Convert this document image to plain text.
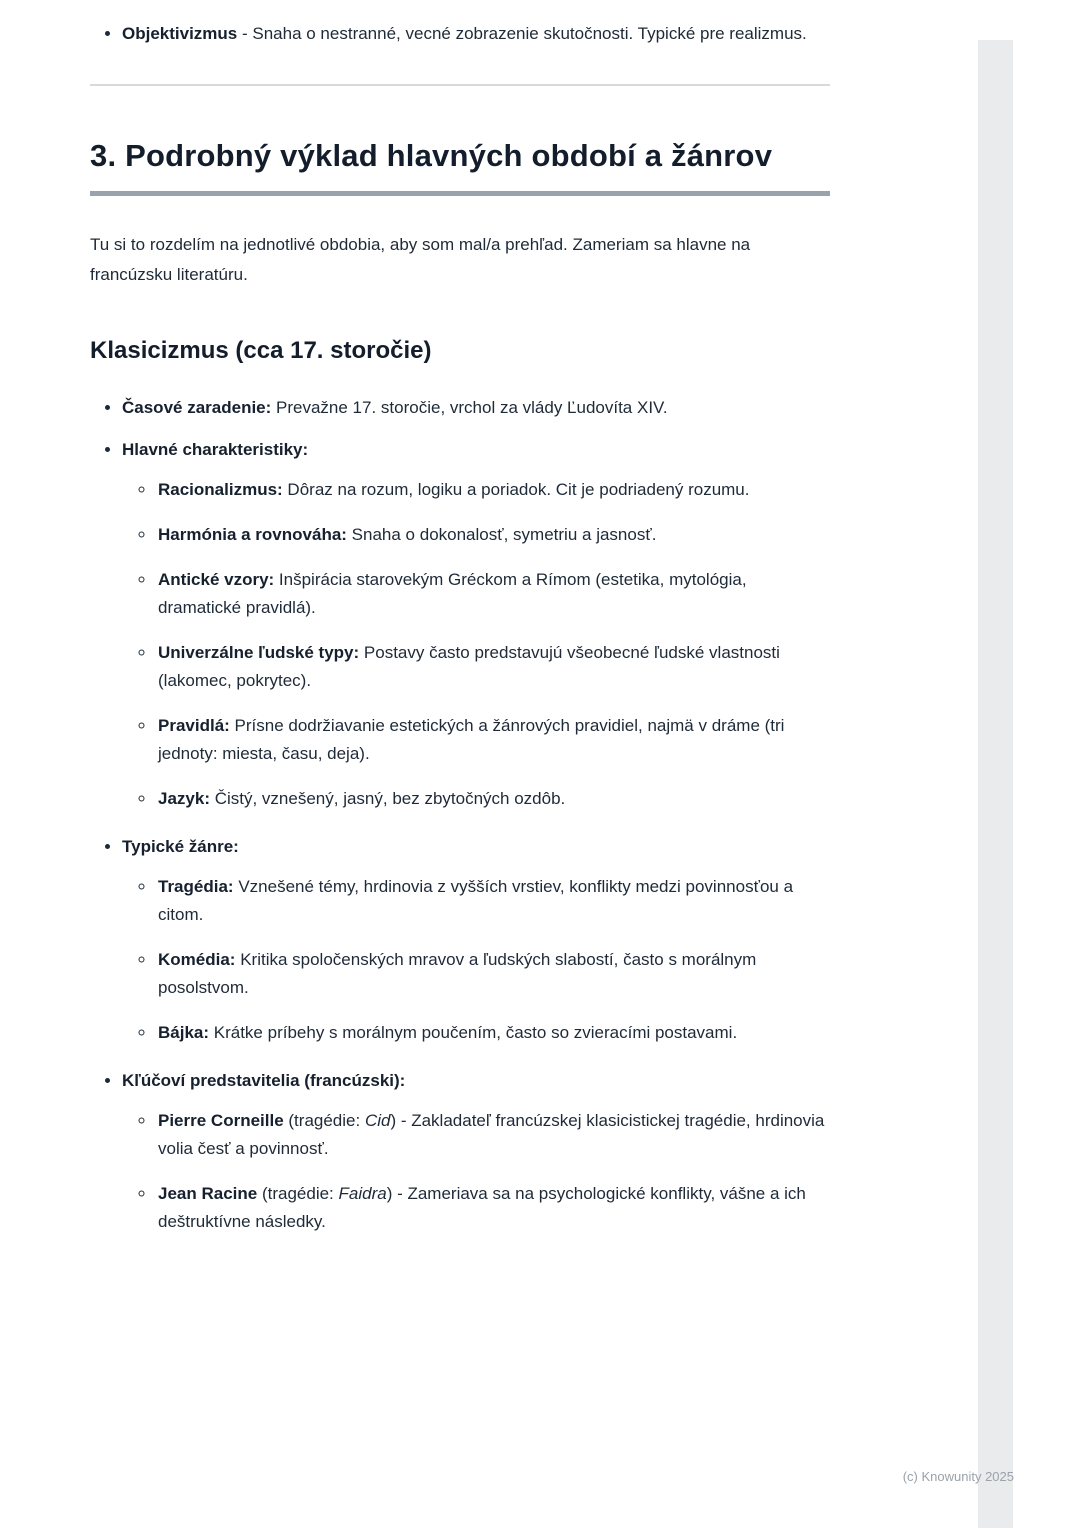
• Objektivizmus - Snaha o nestranné, vecné zobrazenie skutočnosti. Typické pre realizmus.
3. Podrobný výklad hlavných období a žánrov

Tu si to rozdelím na jednotlivé obdobia, aby som mal/a prehľad. Zameriam sa hlavne na francúzsku literatúru.

Klasicizmus (cca 17. storočie)
• Časové zaradenie: Prevažne 17. storočie, vrchol za vlády Ľudovíta XIV.
• Hlavné charakteristiky:
◦ Racionalizmus: Dôraz na rozum, logiku a poriadok. Cit je podriadený rozumu.
◦ Harmónia a rovnováha: Snaha o dokonalosť, symetriu a jasnosť.
◦ Antické vzory: Inšpirácia starovekým Gréckom a Rímom (estetika, mytológia, dramatické pravidlá).
◦ Univerzálne ľudské typy: Postavy často predstavujú všeobecné ľudské vlastnosti (lakomec, pokrytec).
◦ Pravidlá: Prísne dodržiavanie estetických a žánrových pravidiel, najmä v dráme (tri jednoty: miesta, času, deja).
◦ Jazyk: Čistý, vznešený, jasný, bez zbytočných ozdôb.
• Typické žánre:
◦ Tragédia: Vznešené témy, hrdinovia z vyšších vrstiev, konflikty medzi povinnosťou a citom.
◦ Komédia: Kritika spoločenských mravov a ľudských slabostí, často s morálnym posolstvom.
◦ Bájka: Krátke príbehy s morálnym poučením, často so zvieracími postavami.
• Kľúčoví predstavitelia (francúzski):
◦ Pierre Corneille (tragédie: Cid) - Zakladateľ francúzskej klasicistickej tragédie, hrdinovia volia česť a povinnosť.
◦ Jean Racine (tragédie: Faidra) - Zameriava sa na psychologické konflikty, vášne a ich deštruktívne následky.
(c) Knowunity 2025
